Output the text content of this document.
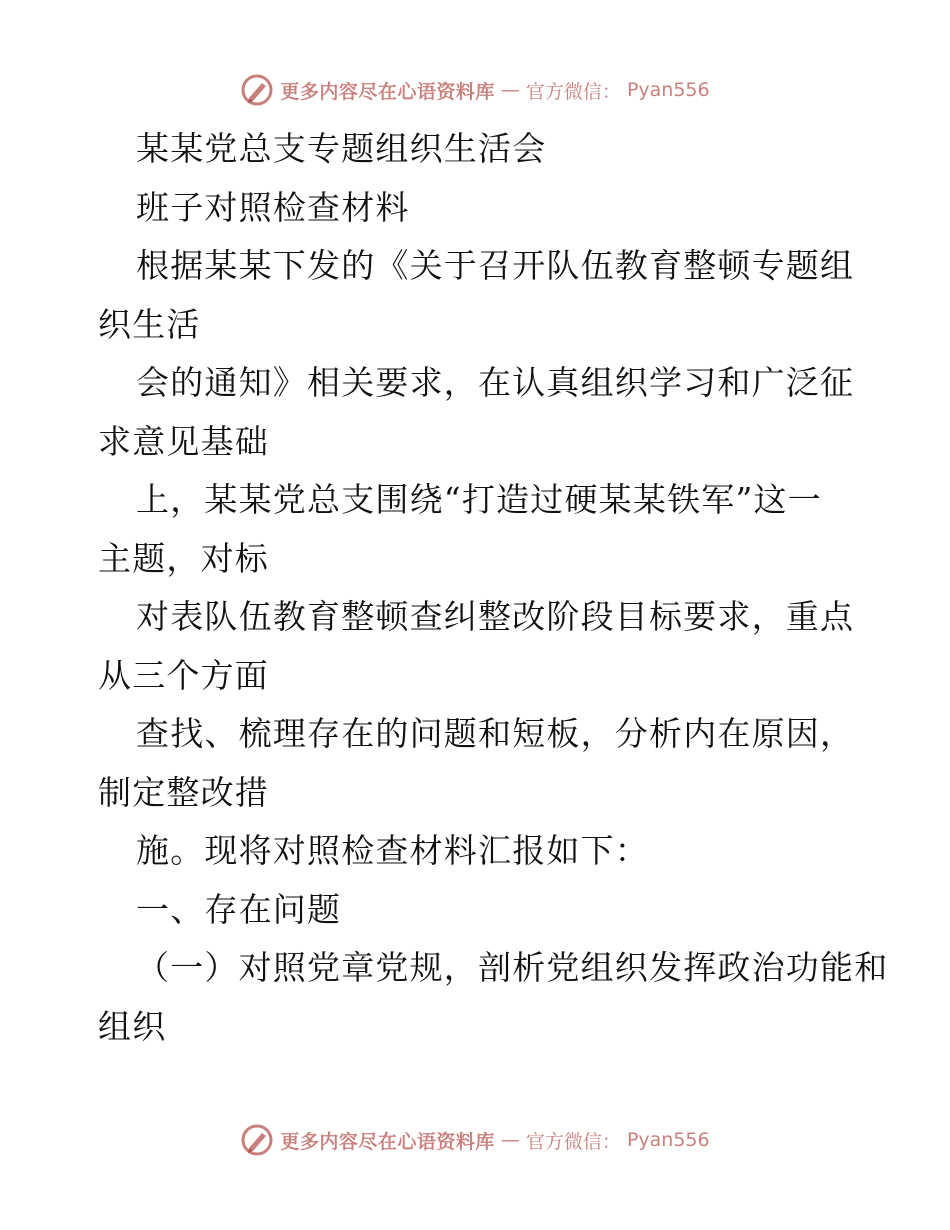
更多内容尽在心语资料库 — 官方微信： Pyan556
某某党总支专题组织生活会
班子对照检查材料
根据某某下发的《关于召开队伍教育整顿专题组
织生活
会的通知》相关要求，在认真组织学习和广泛征
求意见基础
上，某某党总支围绕“打造过硬某某铁军”这一
主题，对标
对表队伍教育整顿查纠整改阶段目标要求，重点
从三个方面
查找、梳理存在的问题和短板，分析内在原因，
制定整改措
施。现将对照检查材料汇报如下：
一、存在问题
（一）对照党章党规，剖析党组织发挥政治功能和
组织
更多内容尽在心语资料库 — 官方微信： Pyan556
